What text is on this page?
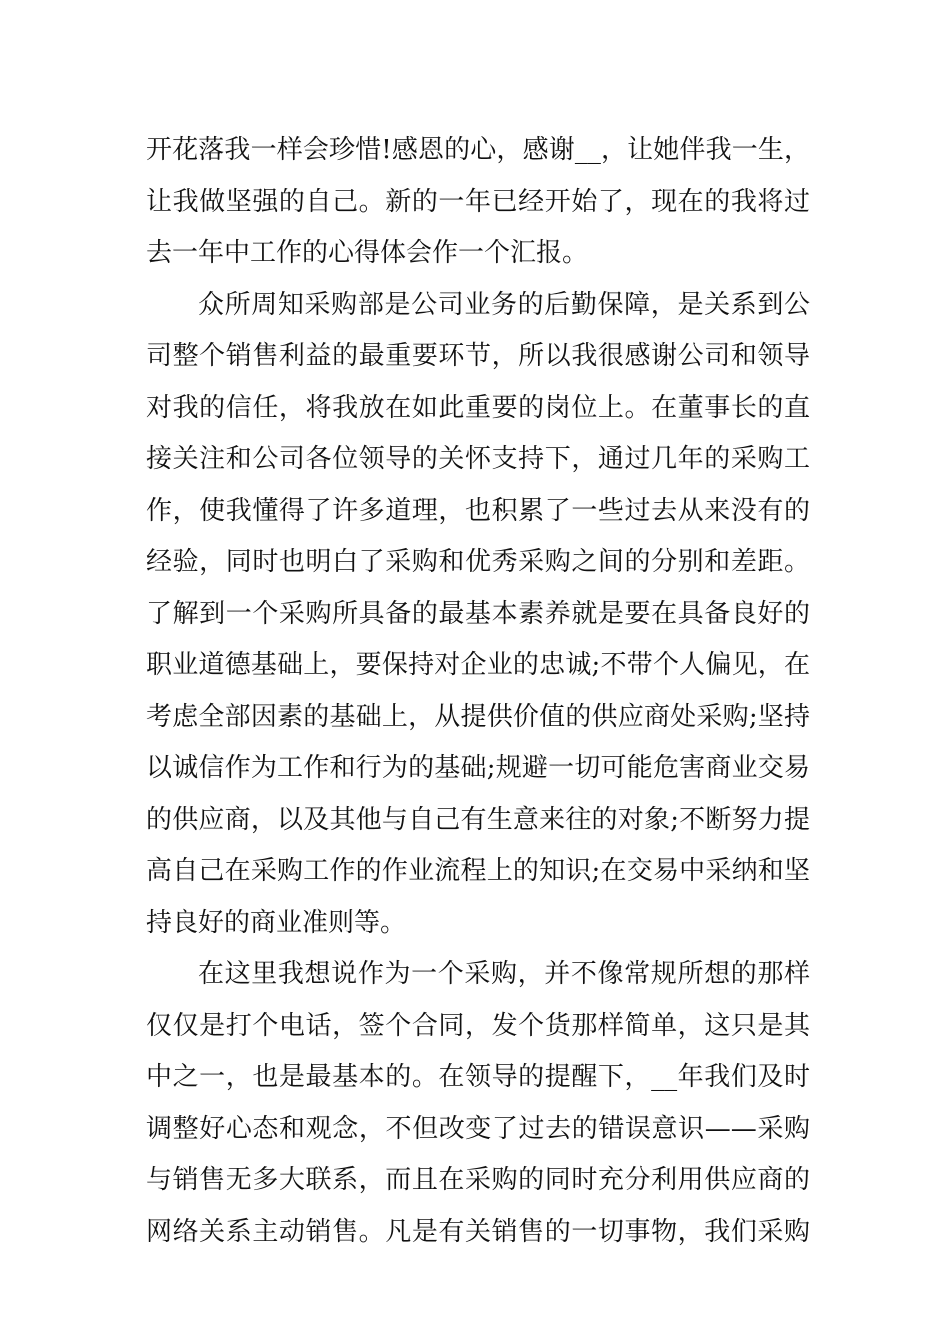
开花落我一样会珍惜!感恩的心，感谢__，让她伴我一生，
让我做坚强的自己。新的一年已经开始了，现在的我将过
去一年中工作的心得体会作一个汇报。
众所周知采购部是公司业务的后勤保障，是关系到公
司整个销售利益的最重要环节，所以我很感谢公司和领导
对我的信任，将我放在如此重要的岗位上。在董事长的直
接关注和公司各位领导的关怀支持下，通过几年的采购工
作，使我懂得了许多道理，也积累了一些过去从来没有的
经验，同时也明白了采购和优秀采购之间的分别和差距。
了解到一个采购所具备的最基本素养就是要在具备良好的
职业道德基础上，要保持对企业的忠诚;不带个人偏见，在
考虑全部因素的基础上，从提供价值的供应商处采购;坚持
以诚信作为工作和行为的基础;规避一切可能危害商业交易
的供应商，以及其他与自己有生意来往的对象;不断努力提
高自己在采购工作的作业流程上的知识;在交易中采纳和坚
持良好的商业准则等。
在这里我想说作为一个采购，并不像常规所想的那样
仅仅是打个电话，签个合同，发个货那样简单，这只是其
中之一，也是最基本的。在领导的提醒下，__年我们及时
调整好心态和观念，不但改变了过去的错误意识——采购
与销售无多大联系，而且在采购的同时充分利用供应商的
网络关系主动销售。凡是有关销售的一切事物，我们采购
